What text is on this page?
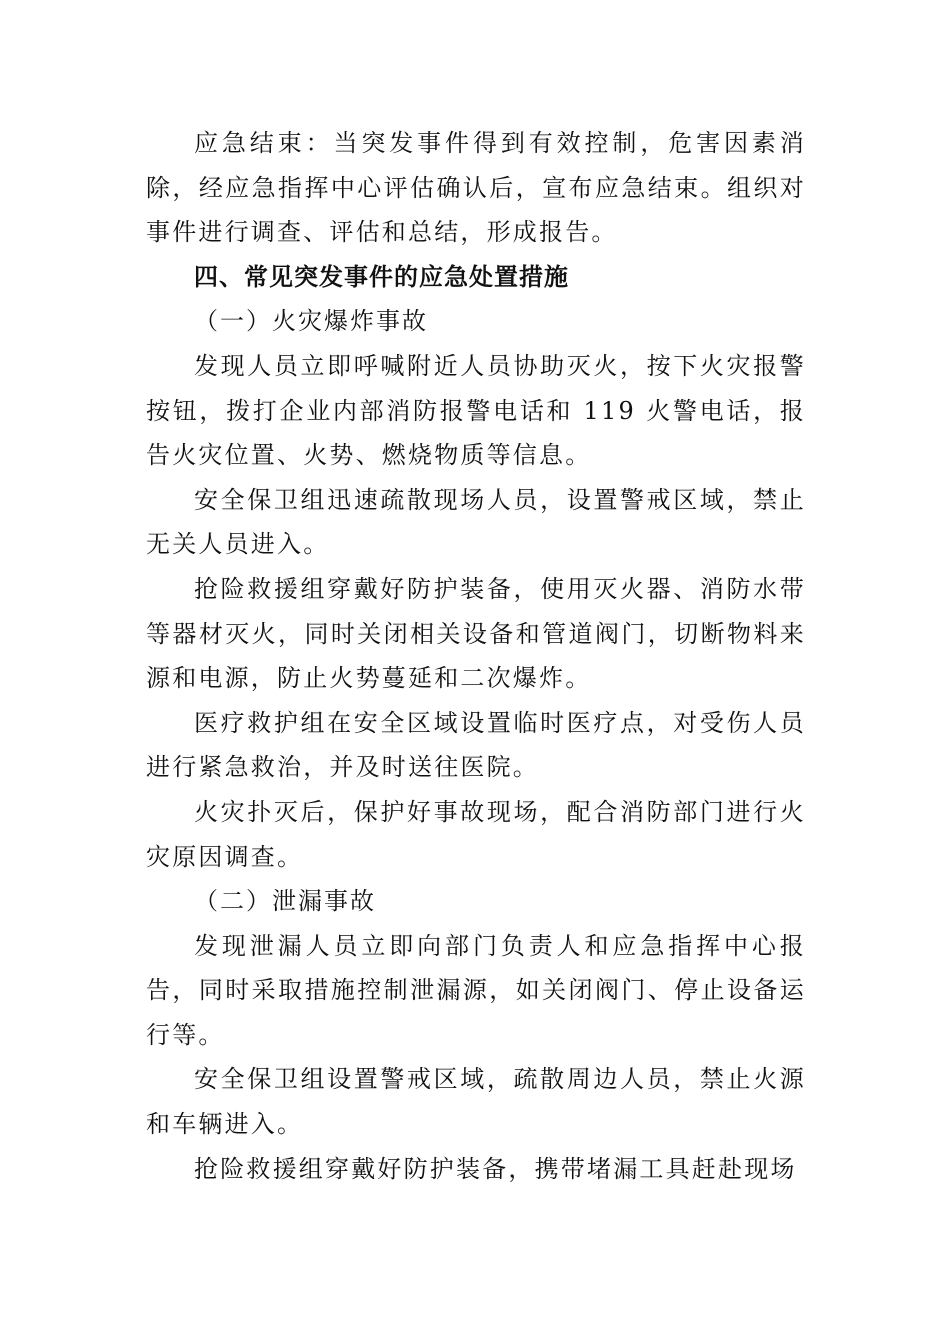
应急结束：当突发事件得到有效控制，危害因素消除，经应急指挥中心评估确认后，宣布应急结束。组织对事件进行调查、评估和总结，形成报告。

四、常见突发事件的应急处置措施

（一）火灾爆炸事故

发现人员立即呼喊附近人员协助灭火，按下火灾报警按钮，拨打企业内部消防报警电话和 119 火警电话，报告火灾位置、火势、燃烧物质等信息。

安全保卫组迅速疏散现场人员，设置警戒区域，禁止无关人员进入。

抢险救援组穿戴好防护装备，使用灭火器、消防水带等器材灭火，同时关闭相关设备和管道阀门，切断物料来源和电源，防止火势蔓延和二次爆炸。

医疗救护组在安全区域设置临时医疗点，对受伤人员进行紧急救治，并及时送往医院。

火灾扑灭后，保护好事故现场，配合消防部门进行火灾原因调查。

（二）泄漏事故

发现泄漏人员立即向部门负责人和应急指挥中心报告，同时采取措施控制泄漏源，如关闭阀门、停止设备运行等。

安全保卫组设置警戒区域，疏散周边人员，禁止火源和车辆进入。

抢险救援组穿戴好防护装备，携带堵漏工具赶赴现场
